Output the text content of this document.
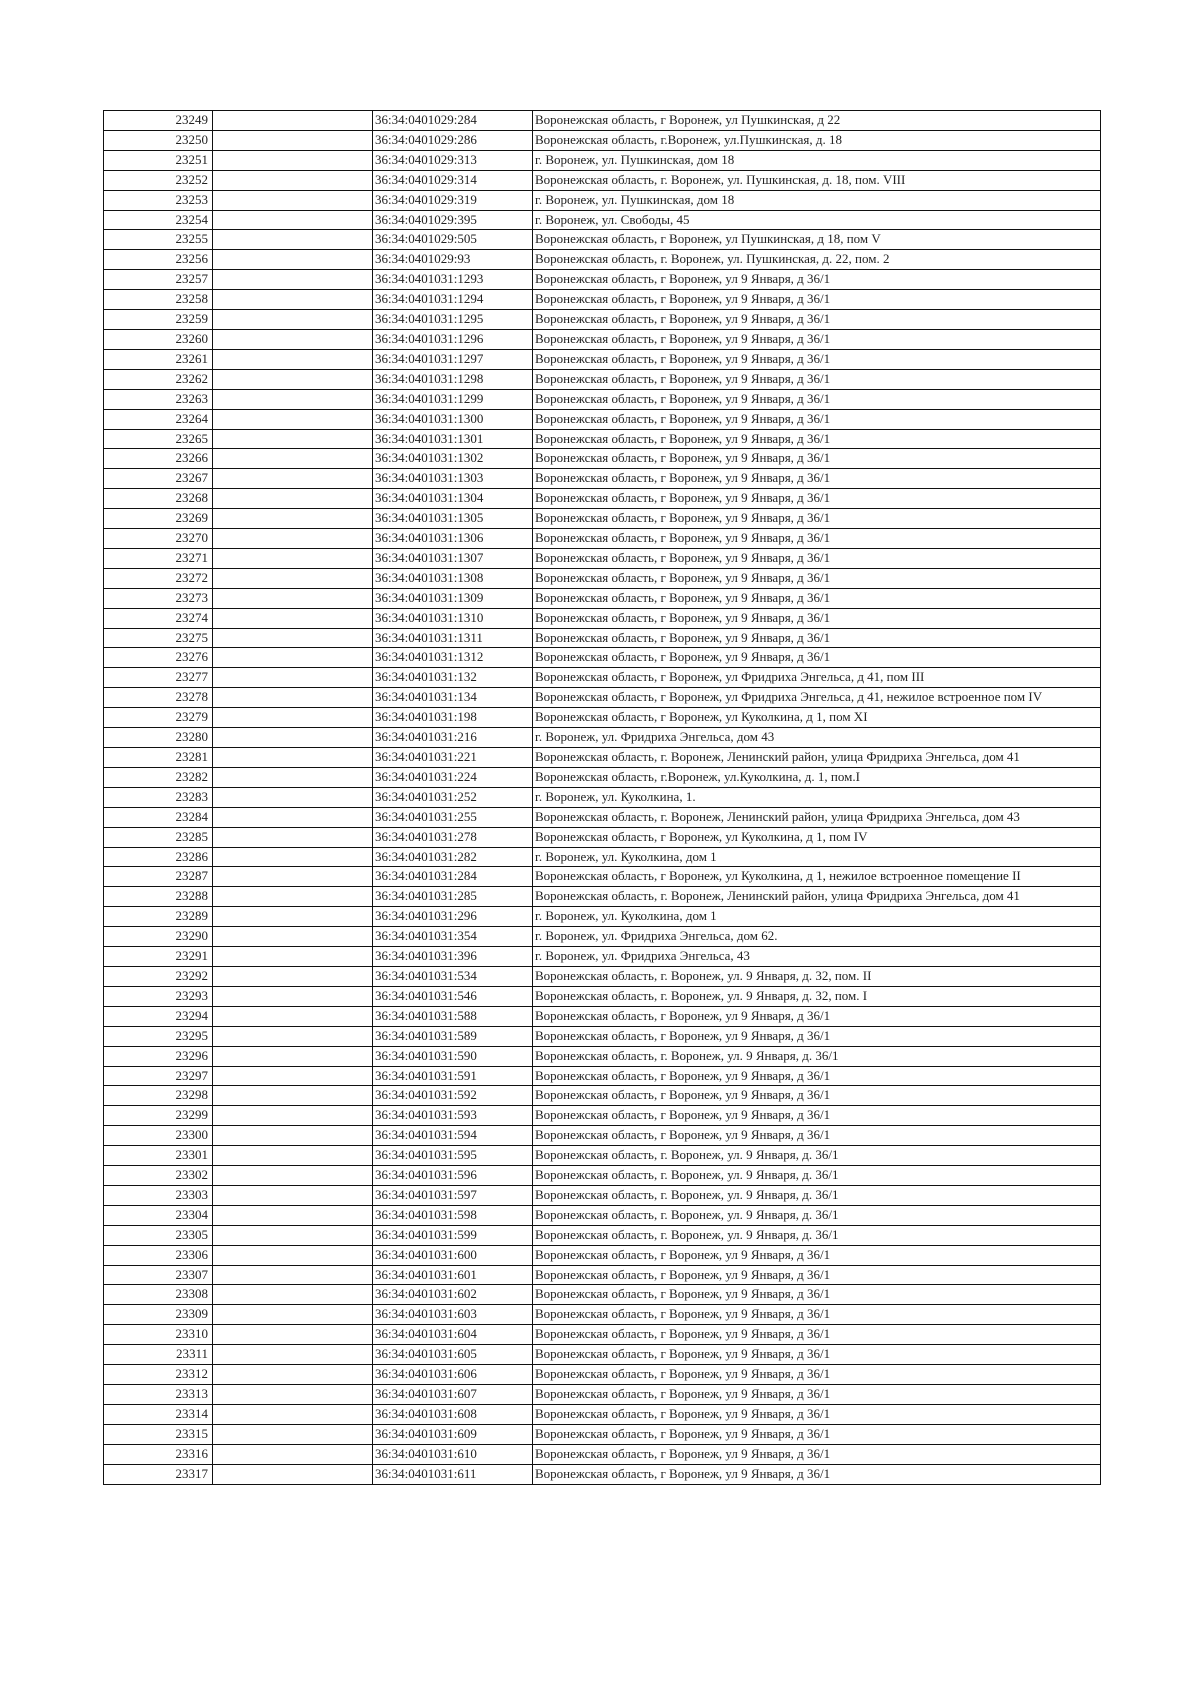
23249		36:34:0401029:284	Воронежская область, г Воронеж, ул Пушкинская, д 22
23250		36:34:0401029:286	Воронежская область, г.Воронеж, ул.Пушкинская, д. 18
23251		36:34:0401029:313	г. Воронеж, ул. Пушкинская, дом 18
23252		36:34:0401029:314	Воронежская область, г. Воронеж, ул. Пушкинская, д. 18, пом. VIII
23253		36:34:0401029:319	г. Воронеж, ул. Пушкинская, дом 18
23254		36:34:0401029:395	г. Воронеж, ул. Свободы, 45
23255		36:34:0401029:505	Воронежская область, г Воронеж, ул Пушкинская, д 18, пом V
23256		36:34:0401029:93	Воронежская область, г. Воронеж, ул. Пушкинская, д. 22, пом. 2
23257		36:34:0401031:1293	Воронежская область, г Воронеж, ул 9 Января, д 36/1
23258		36:34:0401031:1294	Воронежская область, г Воронеж, ул 9 Января, д 36/1
23259		36:34:0401031:1295	Воронежская область, г Воронеж, ул 9 Января, д 36/1
23260		36:34:0401031:1296	Воронежская область, г Воронеж, ул 9 Января, д 36/1
23261		36:34:0401031:1297	Воронежская область, г Воронеж, ул 9 Января, д 36/1
23262		36:34:0401031:1298	Воронежская область, г Воронеж, ул 9 Января, д 36/1
23263		36:34:0401031:1299	Воронежская область, г Воронеж, ул 9 Января, д 36/1
23264		36:34:0401031:1300	Воронежская область, г Воронеж, ул 9 Января, д 36/1
23265		36:34:0401031:1301	Воронежская область, г Воронеж, ул 9 Января, д 36/1
23266		36:34:0401031:1302	Воронежская область, г Воронеж, ул 9 Января, д 36/1
23267		36:34:0401031:1303	Воронежская область, г Воронеж, ул 9 Января, д 36/1
23268		36:34:0401031:1304	Воронежская область, г Воронеж, ул 9 Января, д 36/1
23269		36:34:0401031:1305	Воронежская область, г Воронеж, ул 9 Января, д 36/1
23270		36:34:0401031:1306	Воронежская область, г Воронеж, ул 9 Января, д 36/1
23271		36:34:0401031:1307	Воронежская область, г Воронеж, ул 9 Января, д 36/1
23272		36:34:0401031:1308	Воронежская область, г Воронеж, ул 9 Января, д 36/1
23273		36:34:0401031:1309	Воронежская область, г Воронеж, ул 9 Января, д 36/1
23274		36:34:0401031:1310	Воронежская область, г Воронеж, ул 9 Января, д 36/1
23275		36:34:0401031:1311	Воронежская область, г Воронеж, ул 9 Января, д 36/1
23276		36:34:0401031:1312	Воронежская область, г Воронеж, ул 9 Января, д 36/1
23277		36:34:0401031:132	Воронежская область, г Воронеж, ул Фридриха Энгельса, д 41, пом III
23278		36:34:0401031:134	Воронежская область, г Воронеж, ул Фридриха Энгельса, д 41, нежилое встроенное пом IV
23279		36:34:0401031:198	Воронежская область, г Воронеж, ул Куколкина, д 1, пом XI
23280		36:34:0401031:216	г. Воронеж, ул. Фридриха Энгельса, дом 43
23281		36:34:0401031:221	Воронежская область, г. Воронеж, Ленинский район, улица Фридриха Энгельса, дом 41
23282		36:34:0401031:224	Воронежская область, г.Воронеж, ул.Куколкина, д. 1, пом.I
23283		36:34:0401031:252	г. Воронеж, ул. Куколкина, 1.
23284		36:34:0401031:255	Воронежская область, г. Воронеж, Ленинский район, улица Фридриха Энгельса, дом 43
23285		36:34:0401031:278	Воронежская область, г Воронеж, ул Куколкина, д 1, пом IV
23286		36:34:0401031:282	г. Воронеж, ул. Куколкина, дом 1
23287		36:34:0401031:284	Воронежская область, г Воронеж, ул Куколкина, д 1, нежилое встроенное помещение II
23288		36:34:0401031:285	Воронежская область, г. Воронеж, Ленинский район, улица Фридриха Энгельса, дом 41
23289		36:34:0401031:296	г. Воронеж, ул. Куколкина, дом 1
23290		36:34:0401031:354	г. Воронеж, ул. Фридриха Энгельса, дом 62.
23291		36:34:0401031:396	г. Воронеж, ул. Фридриха Энгельса, 43
23292		36:34:0401031:534	Воронежская область, г. Воронеж, ул. 9 Января, д. 32, пом. II
23293		36:34:0401031:546	Воронежская область, г. Воронеж, ул. 9 Января, д. 32, пом. I
23294		36:34:0401031:588	Воронежская область, г Воронеж, ул 9 Января, д 36/1
23295		36:34:0401031:589	Воронежская область, г Воронеж, ул 9 Января, д 36/1
23296		36:34:0401031:590	Воронежская область, г. Воронеж, ул. 9 Января, д. 36/1
23297		36:34:0401031:591	Воронежская область, г Воронеж, ул 9 Января, д 36/1
23298		36:34:0401031:592	Воронежская область, г Воронеж, ул 9 Января, д 36/1
23299		36:34:0401031:593	Воронежская область, г Воронеж, ул 9 Января, д 36/1
23300		36:34:0401031:594	Воронежская область, г Воронеж, ул 9 Января, д 36/1
23301		36:34:0401031:595	Воронежская область, г. Воронеж, ул. 9 Января, д. 36/1
23302		36:34:0401031:596	Воронежская область, г. Воронеж, ул. 9 Января, д. 36/1
23303		36:34:0401031:597	Воронежская область, г. Воронеж, ул. 9 Января, д. 36/1
23304		36:34:0401031:598	Воронежская область, г. Воронеж, ул. 9 Января, д. 36/1
23305		36:34:0401031:599	Воронежская область, г. Воронеж, ул. 9 Января, д. 36/1
23306		36:34:0401031:600	Воронежская область, г Воронеж, ул 9 Января, д 36/1
23307		36:34:0401031:601	Воронежская область, г Воронеж, ул 9 Января, д 36/1
23308		36:34:0401031:602	Воронежская область, г Воронеж, ул 9 Января, д 36/1
23309		36:34:0401031:603	Воронежская область, г Воронеж, ул 9 Января, д 36/1
23310		36:34:0401031:604	Воронежская область, г Воронеж, ул 9 Января, д 36/1
23311		36:34:0401031:605	Воронежская область, г Воронеж, ул 9 Января, д 36/1
23312		36:34:0401031:606	Воронежская область, г Воронеж, ул 9 Января, д 36/1
23313		36:34:0401031:607	Воронежская область, г Воронеж, ул 9 Января, д 36/1
23314		36:34:0401031:608	Воронежская область, г Воронеж, ул 9 Января, д 36/1
23315		36:34:0401031:609	Воронежская область, г Воронеж, ул 9 Января, д 36/1
23316		36:34:0401031:610	Воронежская область, г Воронеж, ул 9 Января, д 36/1
23317		36:34:0401031:611	Воронежская область, г Воронеж, ул 9 Января, д 36/1
